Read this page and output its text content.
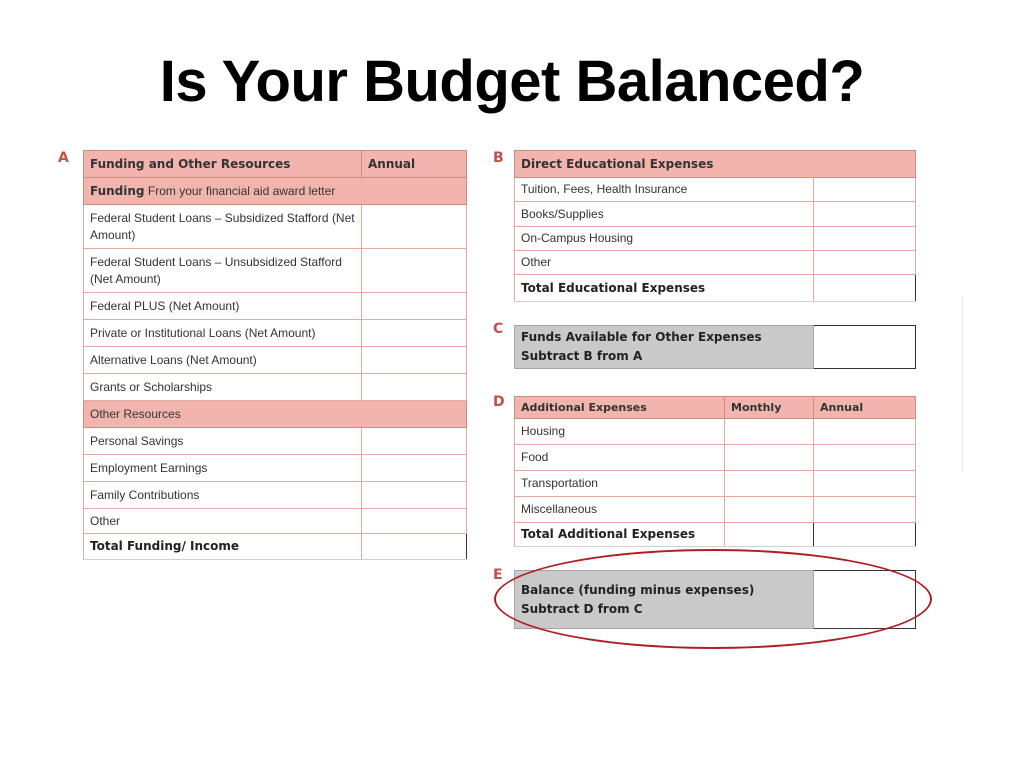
Is Your Budget Balanced?
A Funding and Other Resources	Annual
Funding From your financial aid award letter	
Federal Student Loans – Subsidized Stafford (Net Amount)	
Federal Student Loans – Unsubsidized Stafford (Net Amount)	
Federal PLUS (Net Amount)	
Private or Institutional Loans (Net Amount)	
Alternative Loans (Net Amount)	
Grants or Scholarships	
Other Resources	
Personal Savings	
Employment Earnings	
Family Contributions	
Other	
Total Funding/ Income	
B Direct Educational Expenses	
Tuition, Fees, Health Insurance	
Books/Supplies	
On-Campus Housing	
Other	
Total Educational Expenses	
C Funds Available for Other Expenses
Subtract B from A

D Additional Expenses	Monthly	Annual
Housing		
Food		
Transportation		
Miscellaneous		
Total Additional Expenses		
E
Balance (funding minus expenses)
Subtract D from C
